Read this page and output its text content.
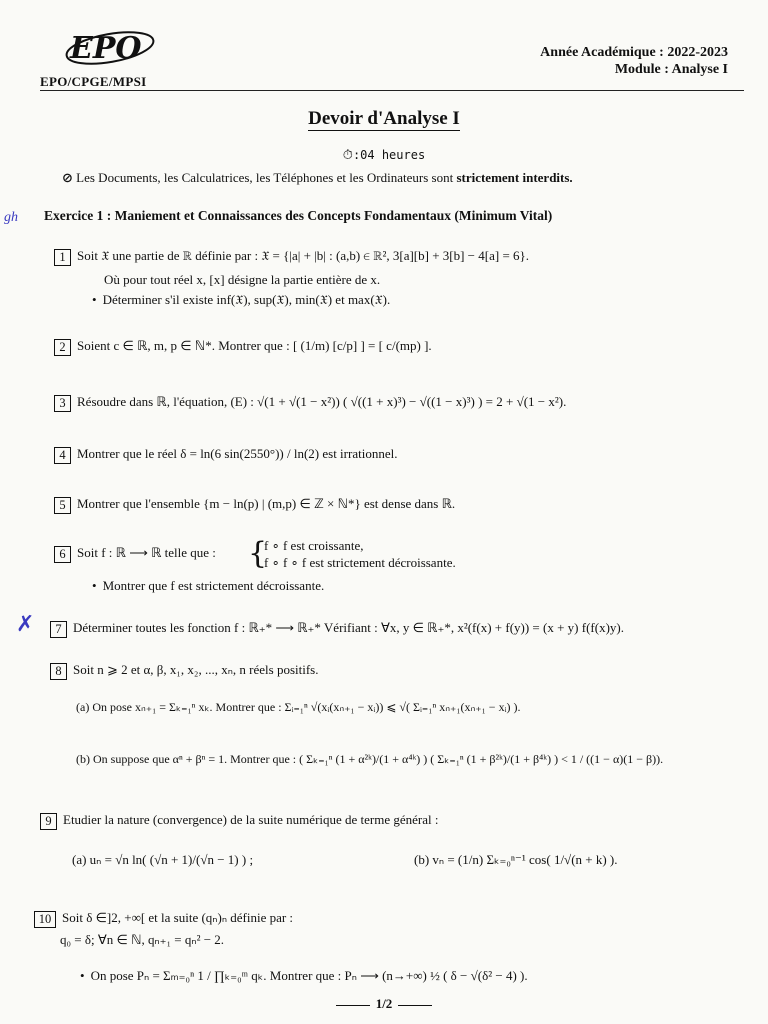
EPO
EPO/CPGE/MPSI
Année Académique : 2022-2023
Module : Analyse I
Devoir d'Analyse I
⏱:04 heures
⊘ Les Documents, les Calculatrices, les Téléphones et les Ordinateurs sont strictement interdits.
gh Exercice 1 : Maniement et Connaissances des Concepts Fondamentaux (Minimum Vital)
1 Soit 𝔛 une partie de ℝ définie par : 𝔛 = {|a| + |b| : (a,b) ∈ ℝ², 3[a][b] + 3[b] − 4[a] = 6}.
Où pour tout réel x, [x] désigne la partie entière de x.
• Déterminer s'il existe inf(𝔛), sup(𝔛), min(𝔛) et max(𝔛).
2 Soient c ∈ ℝ, m, p ∈ ℕ*. Montrer que : [ (1/m) [c/p] ] = [ c/(mp) ].
3 Résoudre dans ℝ, l'équation, (E) : √(1 + √(1 − x²)) ( √((1 + x)³) − √((1 − x)³) ) = 2 + √(1 − x²).
4 Montrer que le réel δ = ln(6 sin(2550°)) / ln(2) est irrationnel.
5 Montrer que l'ensemble {m − ln(p) | (m,p) ∈ ℤ × ℕ*} est dense dans ℝ.
6 Soit f : ℝ ⟶ ℝ telle que : {
f ∘ f est croissante,
f ∘ f ∘ f est strictement décroissante.
• Montrer que f est strictement décroissante.
✗	7 Déterminer toutes les fonction f : ℝ₊* ⟶ ℝ₊* Vérifiant : ∀x, y ∈ ℝ₊*, x²(f(x) + f(y)) = (x + y) f(f(x)y).
8 Soit n ⩾ 2 et α, β, x₁, x₂, ..., xₙ, n réels positifs.
(a) On pose xₙ₊₁ = Σₖ₌₁ⁿ xₖ. Montrer que : Σᵢ₌₁ⁿ √(xᵢ(xₙ₊₁ − xᵢ)) ⩽ √( Σᵢ₌₁ⁿ xₙ₊₁(xₙ₊₁ − xᵢ) ).
(b) On suppose que αⁿ + βⁿ = 1. Montrer que : ( Σₖ₌₁ⁿ (1 + α²ᵏ)/(1 + α⁴ᵏ) ) ( Σₖ₌₁ⁿ (1 + β²ᵏ)/(1 + β⁴ᵏ) ) < 1 / ((1 − α)(1 − β)).
9 Etudier la nature (convergence) de la suite numérique de terme général :
(a) uₙ = √n ln( (√n + 1)/(√n − 1) ) ;	(b) vₙ = (1/n) Σₖ₌₀ⁿ⁻¹ cos( 1/√(n + k) ).
10 Soit δ ∈]2, +∞[ et la suite (qₙ)ₙ définie par :
q₀ = δ; ∀n ∈ ℕ, qₙ₊₁ = qₙ² − 2.
• On pose Pₙ = Σₘ₌₀ⁿ 1 / ∏ₖ₌₀ᵐ qₖ. Montrer que : Pₙ ⟶ (n→+∞) ½ ( δ − √(δ² − 4) ).
1/2
